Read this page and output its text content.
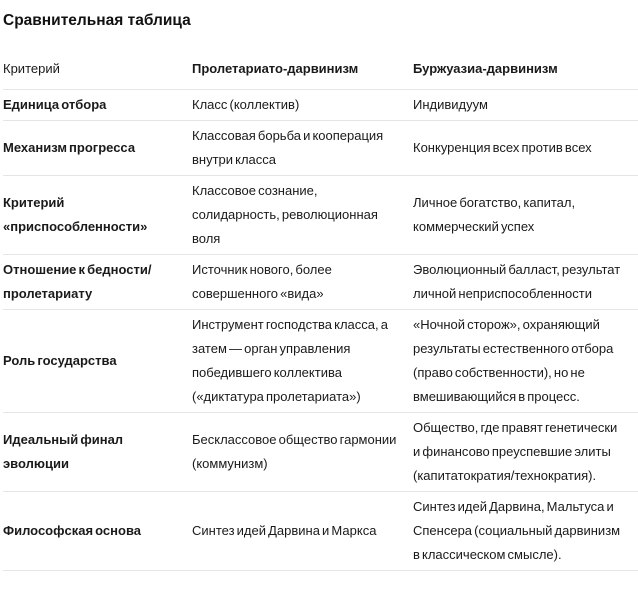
Сравнительная таблица
Критерий	Пролетариато-дарвинизм	Буржуазиа-дарвинизм
Единица отбора	Класс (коллектив)	Индивидуум
Механизм прогресса	Классовая борьба и кооперация внутри класса	Конкуренция всех против всех
Критерий «приспособленности»	Классовое сознание, солидарность, революционная воля	Личное богатство, капитал, коммерческий успех
Отношение к бедности/пролетариату	Источник нового, более совершенного «вида»	Эволюционный балласт, результат личной неприспособленности
Роль государства	Инструмент господства класса, а затем — орган управления победившего коллектива («диктатура пролетариата»)	«Ночной сторож», охраняющий результаты естественного отбора (право собственности), но не вмешивающийся в процесс.
Идеальный финал эволюции	Бесклассовое общество гармонии (коммунизм)	Общество, где правят генетически и финансово преуспевшие элиты (капитатократия/технократия).
Философская основа	Синтез идей Дарвина и Маркса	Синтез идей Дарвина, Мальтуса и Спенсера (социальный дарвинизм в классическом смысле).
